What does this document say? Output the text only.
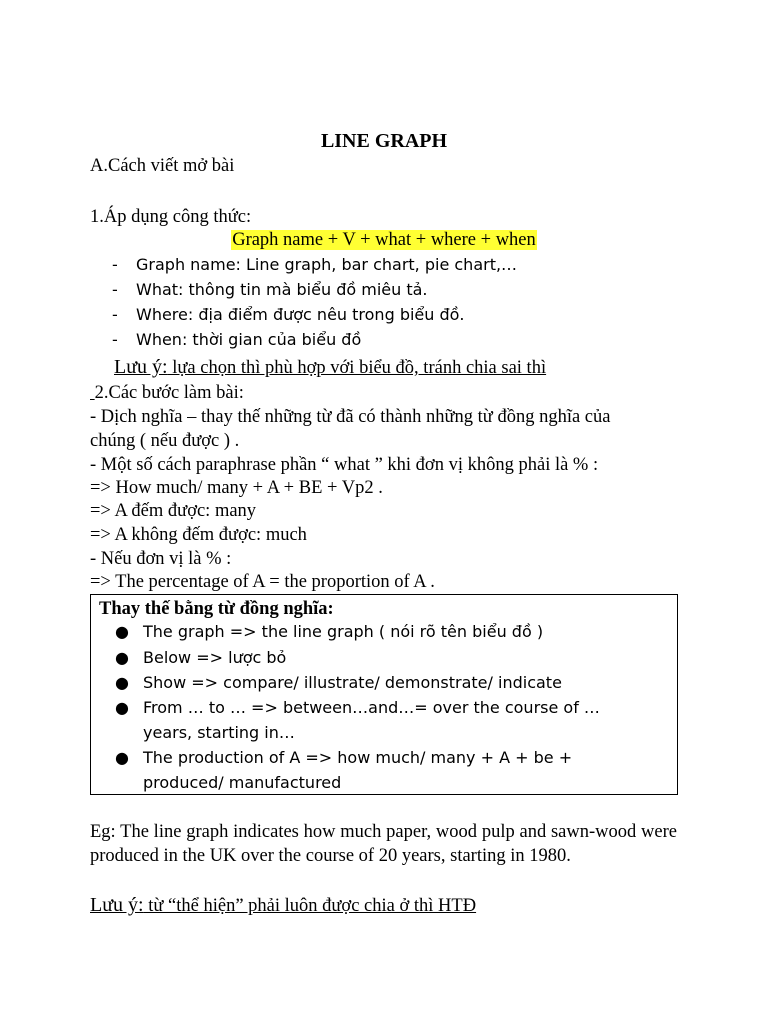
LINE GRAPH
A.Cách viết mở bài
1.Áp dụng công thức:
Graph name + V + what + where + when
- Graph name: Line graph, bar chart, pie chart,…
- What: thông tin mà biểu đồ miêu tả.
- Where: địa điểm được nêu trong biểu đồ.
- When: thời gian của biểu đồ
Lưu ý: lựa chọn thì phù hợp với biểu đồ, tránh chia sai thì
2.Các bước làm bài:
- Dịch nghĩa – thay thế những từ đã có thành những từ đồng nghĩa của
chúng ( nếu được ) .
- Một số cách paraphrase phần “ what ” khi đơn vị không phải là % :
=> How much/ many + A + BE + Vp2 .
=> A đếm được: many
=> A không đếm được: much
- Nếu đơn vị là % :
=> The percentage of A = the proportion of A .
Thay thế bằng từ đồng nghĩa:
● The graph => the line graph ( nói rõ tên biểu đồ )
● Below => lược bỏ
● Show => compare/ illustrate/ demonstrate/ indicate
● From … to … => between…and…= over the course of … years, starting in…
● The production of A => how much/ many + A + be + produced/ manufactured
Eg: The line graph indicates how much paper, wood pulp and sawn-wood were produced in the UK over the course of 20 years, starting in 1980.
Lưu ý: từ “thể hiện” phải luôn được chia ở thì HTĐ
